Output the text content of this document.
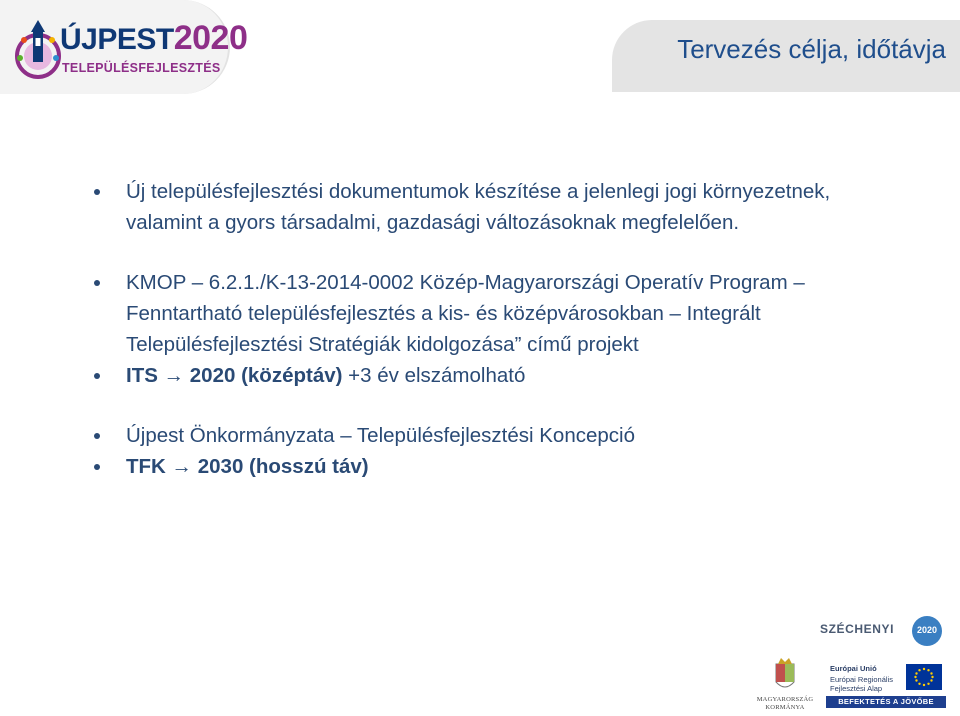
ÚJPEST2020
TELEPÜLÉSFEJLESZTÉS
Tervezés célja, időtávja
Új településfejlesztési dokumentumok készítése a jelenlegi jogi környezetnek, valamint a gyors társadalmi, gazdasági változásoknak megfelelően.
KMOP – 6.2.1./K-13-2014-0002 Közép-Magyarországi Operatív Program – Fenntartható településfejlesztés a kis- és középvárosokban – Integrált Településfejlesztési Stratégiák kidolgozása” című projekt
ITS → 2020 (középtáv) +3 év elszámolható
Újpest Önkormányzata – Településfejlesztési Koncepció
TFK → 2030 (hosszú táv)
SZÉCHENYI	2020
MAGYARORSZÁG
KORMÁNYA
Európai Unió
Európai Regionális
Fejlesztési Alap
BEFEKTETÉS A JÖVŐBE
